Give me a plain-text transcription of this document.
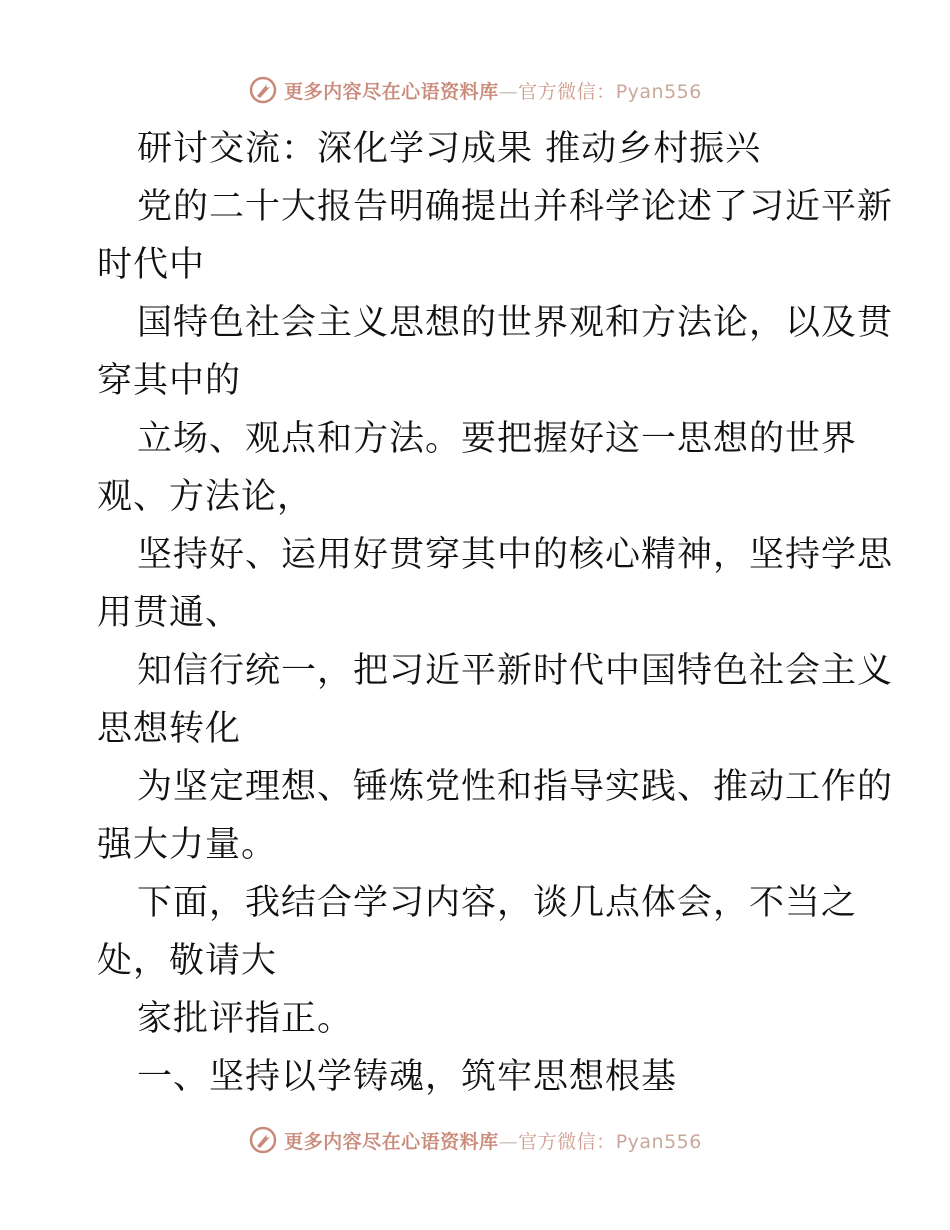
更多内容尽在心语资料库—官方微信：Pyan556
研讨交流：深化学习成果 推动乡村振兴
党的二十大报告明确提出并科学论述了习近平新
时代中
国特色社会主义思想的世界观和方法论，以及贯
穿其中的
立场、观点和方法。要把握好这一思想的世界
观、方法论，
坚持好、运用好贯穿其中的核心精神，坚持学思
用贯通、
知信行统一，把习近平新时代中国特色社会主义
思想转化
为坚定理想、锤炼党性和指导实践、推动工作的
强大力量。
下面，我结合学习内容，谈几点体会，不当之
处，敬请大
家批评指正。
一、坚持以学铸魂，筑牢思想根基
更多内容尽在心语资料库—官方微信：Pyan556
